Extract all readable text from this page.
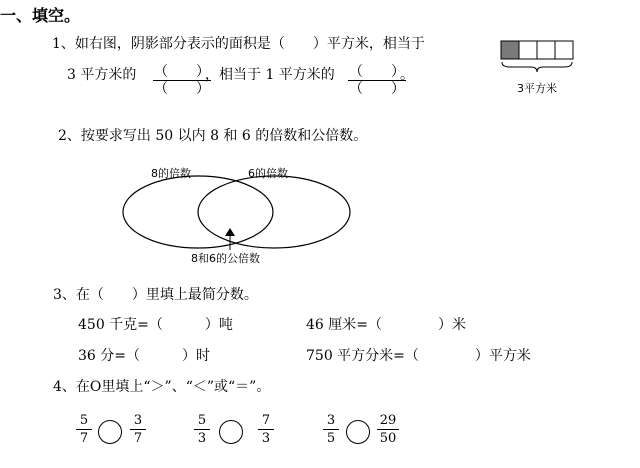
一、填空。
1、如右图，阴影部分表示的面积是（　　）平方米，相当于
3 平方米的 （　　）
（　　）
，相当于 1 平方米的 （　　）
（　　）
。
3平方米
2、按要求写出 50 以内 8 和 6 的倍数和公倍数。
8的倍数	6的倍数
8和6的公倍数
3、在（　　）里填上最简分数。
450 千克=（　　　）吨	46 厘米=（　　　　）米
36 分=（　　　）时	750 平方分米=（　　　　）平方米
4、在O里填上“＞”、“＜”或“＝”。
5
7
3
7
5
3
7
3
3
5
29
50
